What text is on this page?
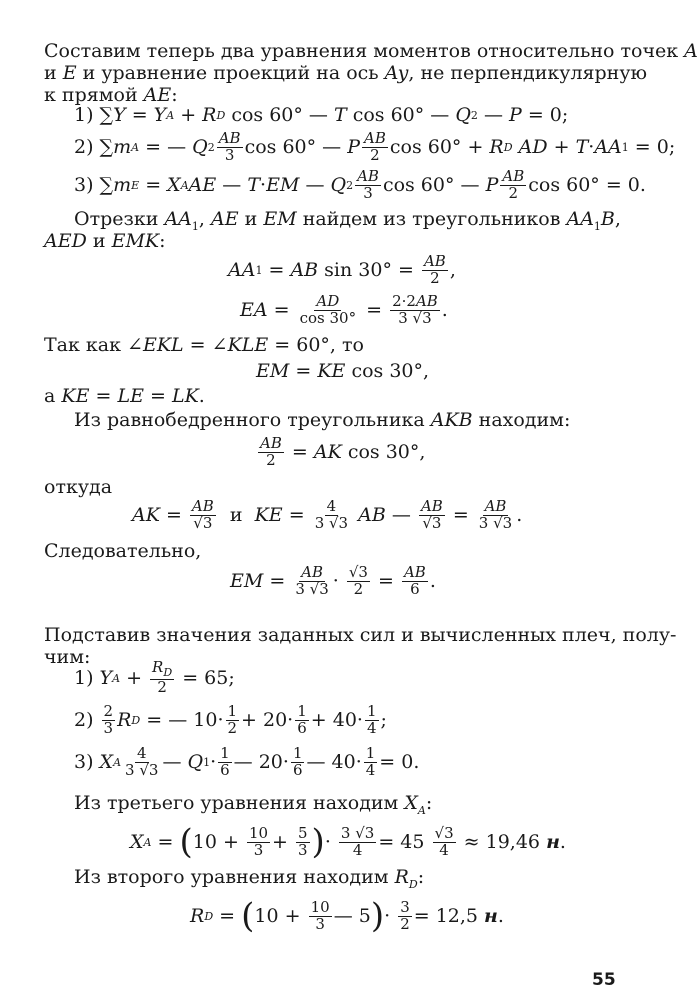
Составим теперь два уравнения моментов относительно точек A
и E и уравнение проекций на ось Ay, не перпендикулярную
к прямой AE:
1) ∑ Y = Y A + R D cos 60° — T cos 60° — Q 2 — P = 0;
2) ∑ m A = — Q $2 \frac{AB}{3}$ cos 60° — P $\frac{AB}{2}$ cos 60° + R D
AD + T · AA 1 = 0;
3) ∑ m E = X A AE — T · EM — Q $2 \frac{AB}{3}$ cos 60° — P $\frac{AB}{2}$ cos 60° = 0.
Отрезки $AA_1$, AE и EM найдем из треугольников $AA_1B$,
AED и EMK:
AA 1 = AB $\sin 30^\circ = \frac{AB}{2}$ ,
EA = $\frac{AD}{\cos 30^\circ} = \frac{2\cdot 2AB}{3 √3}$ .
Так как ∠EKL = ∠KLE = 60°, то
EM = KE cos 30°,
а KE = LE = LK.
Из равнобедренного треугольника AKB находим:
$\frac{AB}{2}$ = AK cos 30°,
откуда
AK = $\frac{AB}{√3}$ и KE = $\frac{4}{3 √3}$
AB — $\frac{AB}{√3} = \frac{AB}{3 √3}$ .
Следовательно,
EM = $\frac{AB}{3 √3} \cdot \frac{√3}{2} = \frac{AB}{6}$ .
Подставив значения заданных сил и вычисленных плеч, полу-
чим:
1) Y $A + \frac{R_D}{2} = 65$;
$2) \frac{2}{3}$ R D = — $10\cdot \frac{1}{2} + 20\cdot \frac{1}{6} + 40\cdot \frac{1}{4}$ ;
3) X A $\frac{4}{3 √3}$ — Q $1 \cdot \frac{1}{6}$ — $20\cdot \frac{1}{6}$ — $40\cdot \frac{1}{4} = 0$.
Из третьего уравнения находим $X_A$:
X A = ( $10 + \frac{10}{3} + \frac{5}{3}$ ) · $\frac{3 √3}{4} = 45 \frac{√3}{4} \approx 19,46$ н .
Из второго уравнения находим $R_D$:
R D = ( $10 + \frac{10}{3}$ — 5 ) · $\frac{3}{2} = 12,5$ н .
55
